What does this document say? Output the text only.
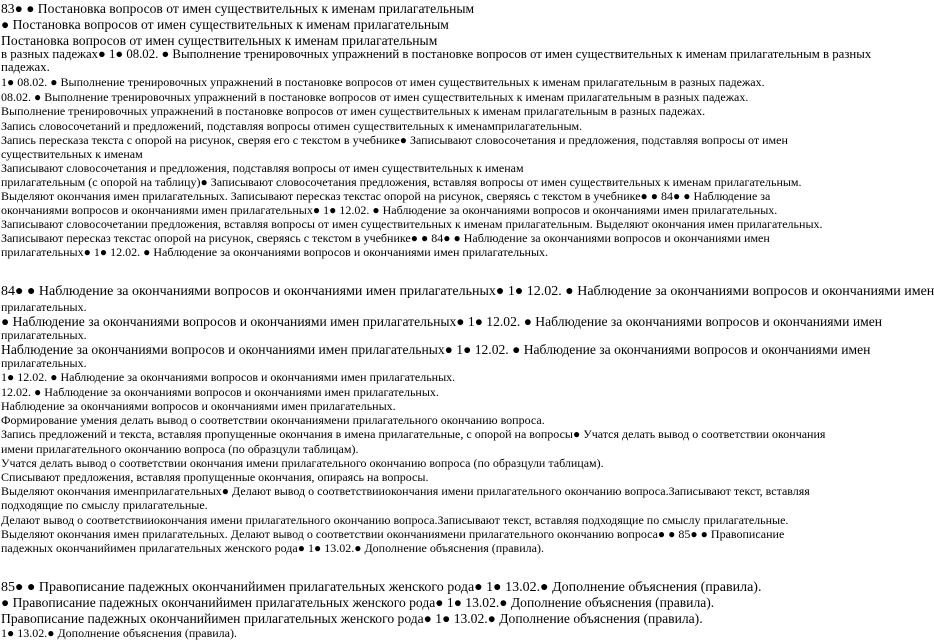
83● ● Постановка вопросов от имен существительных к именам прилагательным
● Постановка вопросов от имен существительных к именам прилагательным
Постановка вопросов от имен существительных к именам прилагательным
в разных падежах● 1● 08.02. ● Выполнение тренировочных упражнений в постановке вопросов от имен существительных к именам прилагательным в разных
падежах.
1● 08.02. ● Выполнение тренировочных упражнений в постановке вопросов от имен существительных к именам прилагательным в разных падежах.
08.02. ● Выполнение тренировочных упражнений в постановке вопросов от имен существительных к именам прилагательным в разных падежах.
Выполнение тренировочных упражнений в постановке вопросов от имен существительных к именам прилагательным в разных падежах.
Запись словосочетаний и предложений, подставляя вопросы отимен существительных к именамприлагательным.
Запись пересказа текста с опорой на рисунок, сверяя его с текстом в учебнике● Записывают словосочетания и предложения, подставляя вопросы от имен
существительных к именам
Записывают словосочетания и предложения, подставляя вопросы от имен существительных к именам
прилагательным (с опорой на таблицу)● Записывают словосочетания предложения, вставляя вопросы от имен существительных к именам прилагательным.
Выделяют окончания имен прилагательных. Записывают пересказ текстас опорой на рисунок, сверяясь с текстом в учебнике● ● 84● ● Наблюдение за
окончаниями вопросов и окончаниями имен прилагательных● 1● 12.02. ● Наблюдение за окончаниями вопросов и окончаниями имен прилагательных.
Записывают словосочетании предложения, вставляя вопросы от имен существительных к именам прилагательным. Выделяют окончания имен прилагательных.
Записывают пересказ текстас опорой на рисунок, сверяясь с текстом в учебнике● ● 84● ● Наблюдение за окончаниями вопросов и окончаниями имен
прилагательных● 1● 12.02. ● Наблюдение за окончаниями вопросов и окончаниями имен прилагательных.
84● ● Наблюдение за окончаниями вопросов и окончаниями имен прилагательных● 1● 12.02. ● Наблюдение за окончаниями вопросов и окончаниями имен
прилагательных.
● Наблюдение за окончаниями вопросов и окончаниями имен прилагательных● 1● 12.02. ● Наблюдение за окончаниями вопросов и окончаниями имен
прилагательных.
Наблюдение за окончаниями вопросов и окончаниями имен прилагательных● 1● 12.02. ● Наблюдение за окончаниями вопросов и окончаниями имен
прилагательных.
1● 12.02. ● Наблюдение за окончаниями вопросов и окончаниями имен прилагательных.
12.02. ● Наблюдение за окончаниями вопросов и окончаниями имен прилагательных.
Наблюдение за окончаниями вопросов и окончаниями имен прилагательных.
Формирование умения делать вывод о соответствии окончаниямени прилагательного окончанию вопроса.
Запись предложений и текста, вставляя пропущенные окончания в имена прилагательные, с опорой на вопросы● Учатся делать вывод о соответствии окончания
имени прилагательного окончанию вопроса (по образцули таблицам).
Учатся делать вывод о соответствии окончания имени прилагательного окончанию вопроса (по образцули таблицам).
Списывают предложения, вставляя пропущенные окончания, опираясь на вопросы.
Выделяют окончания именприлагательных● Делают вывод о соответствииокончания имени прилагательного окончанию вопроса.Записывают текст, вставляя
подходящие по смыслу прилагательные.
Делают вывод о соответствииокончания имени прилагательного окончанию вопроса.Записывают текст, вставляя подходящие по смыслу прилагательные.
Выделяют окончания имен прилагательных. Делают вывод о соответствии окончаниямени прилагательного окончанию вопроса● ● 85● ● Правописание
падежных окончанийимен прилагательных женского рода● 1● 13.02.● Дополнение объяснения (правила).
85● ● Правописание падежных окончанийимен прилагательных женского рода● 1● 13.02.● Дополнение объяснения (правила).
● Правописание падежных окончанийимен прилагательных женского рода● 1● 13.02.● Дополнение объяснения (правила).
Правописание падежных окончанийимен прилагательных женского рода● 1● 13.02.● Дополнение объяснения (правила).
1● 13.02.● Дополнение объяснения (правила).
